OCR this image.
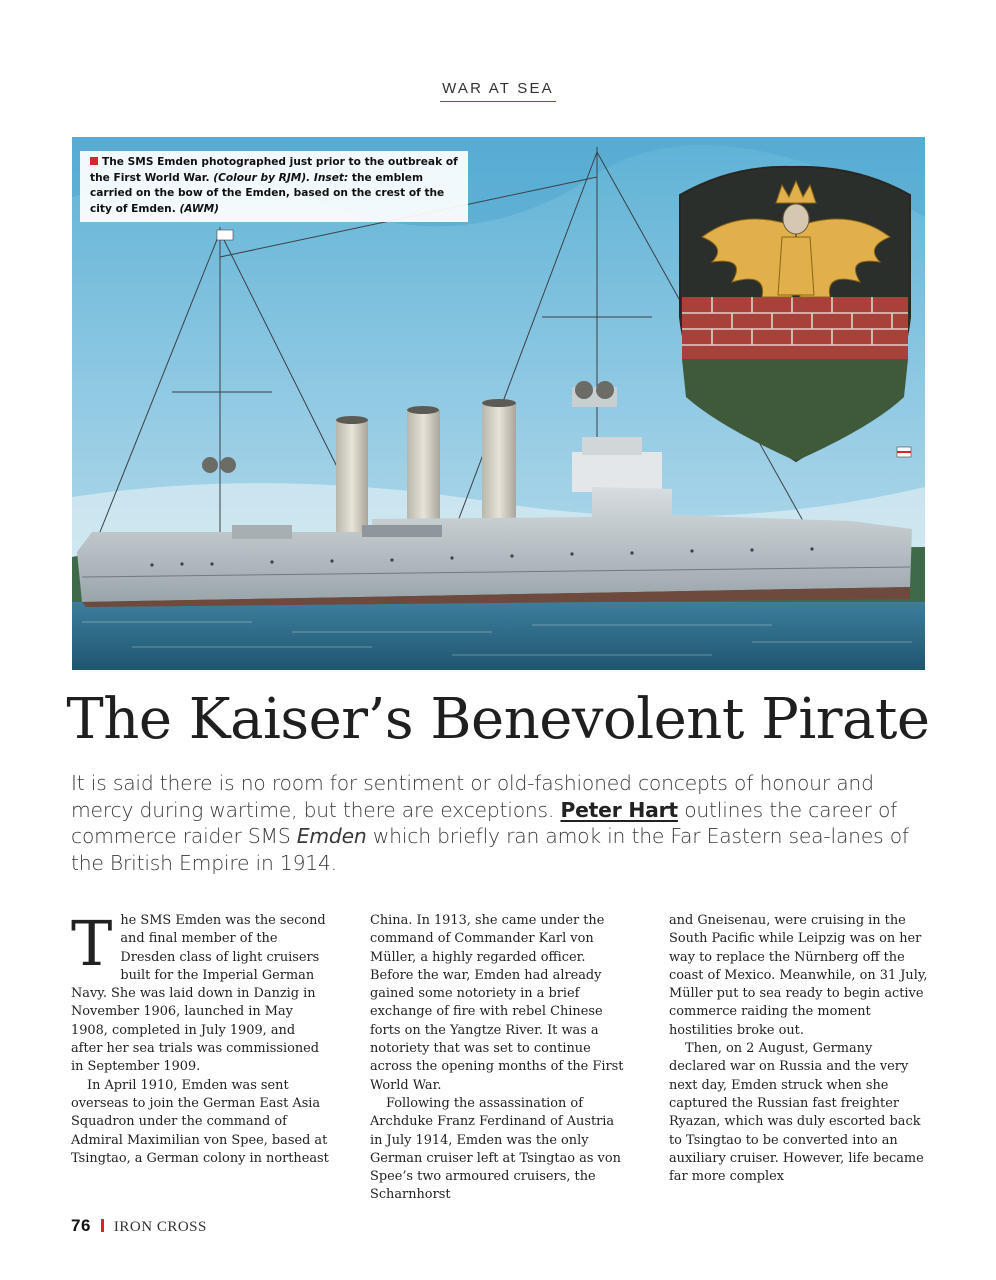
WAR AT SEA
The SMS Emden photographed just prior to the outbreak of the First World War. (Colour by RJM). Inset: the emblem carried on the bow of the Emden, based on the crest of the city of Emden. (AWM)
The Kaiser’s Benevolent Pirate
It is said there is no room for sentiment or old-fashioned concepts of honour and mercy during wartime, but there are exceptions. Peter Hart outlines the career of commerce raider SMS Emden which briefly ran amok in the Far Eastern sea-lanes of the British Empire in 1914.

The SMS Emden was the second and final member of the Dresden class of light cruisers built for the Imperial German Navy. She was laid down in Danzig in November 1906, launched in May 1908, completed in July 1909, and after her sea trials was commissioned in September 1909.

In April 1910, Emden was sent overseas to join the German East Asia Squadron under the command of Admiral Maximilian von Spee, based at Tsingtao, a German colony in northeast

China. In 1913, she came under the command of Commander Karl von Müller, a highly regarded officer. Before the war, Emden had already gained some notoriety in a brief exchange of fire with rebel Chinese forts on the Yangtze River. It was a notoriety that was set to continue across the opening months of the First World War.

Following the assassination of Archduke Franz Ferdinand of Austria in July 1914, Emden was the only German cruiser left at Tsingtao as von Spee’s two armoured cruisers, the Scharnhorst

and Gneisenau, were cruising in the South Pacific while Leipzig was on her way to replace the Nürnberg off the coast of Mexico. Meanwhile, on 31 July, Müller put to sea ready to begin active commerce raiding the moment hostilities broke out.

Then, on 2 August, Germany declared war on Russia and the very next day, Emden struck when she captured the Russian fast freighter Ryazan, which was duly escorted back to Tsingtao to be converted into an auxiliary cruiser. However, life became far more complex

76 IRON CROSS
